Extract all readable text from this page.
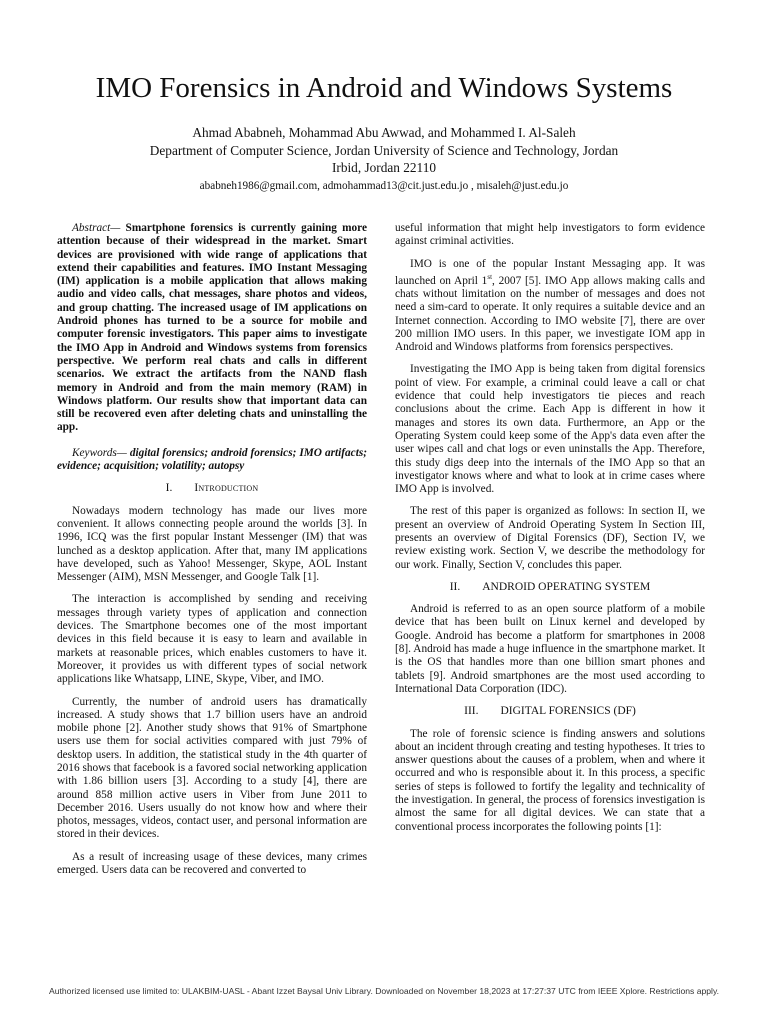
IMO Forensics in Android and Windows Systems
Ahmad Ababneh, Mohammad Abu Awwad, and Mohammed I. Al-Saleh
Department of Computer Science, Jordan University of Science and Technology, Jordan
Irbid, Jordan 22110
ababneh1986@gmail.com, admohammad13@cit.just.edu.jo , misaleh@just.edu.jo

Abstract— Smartphone forensics is currently gaining more attention because of their widespread in the market. Smart devices are provisioned with wide range of applications that extend their capabilities and features. IMO Instant Messaging (IM) application is a mobile application that allows making audio and video calls, chat messages, share photos and videos, and group chatting. The increased usage of IM applications on Android phones has turned to be a source for mobile and computer forensic investigators. This paper aims to investigate the IMO App in Android and Windows systems from forensics perspective. We perform real chats and calls in different scenarios. We extract the artifacts from the NAND flash memory in Android and from the main memory (RAM) in Windows platform. Our results show that important data can still be recovered even after deleting chats and uninstalling the app.

Keywords— digital forensics; android forensics; IMO artifacts; evidence; acquisition; volatility; autopsy

I. Introduction

Nowadays modern technology has made our lives more convenient. It allows connecting people around the worlds [3]. In 1996, ICQ was the first popular Instant Messenger (IM) that was lunched as a desktop application. After that, many IM applications have developed, such as Yahoo! Messenger, Skype, AOL Instant Messenger (AIM), MSN Messenger, and Google Talk [1].

The interaction is accomplished by sending and receiving messages through variety types of application and connection devices. The Smartphone becomes one of the most important devices in this field because it is easy to learn and available in markets at reasonable prices, which enables customers to have it. Moreover, it provides us with different types of social network applications like Whatsapp, LINE, Skype, Viber, and IMO.

Currently, the number of android users has dramatically increased. A study shows that 1.7 billion users have an android mobile phone [2]. Another study shows that 91% of Smartphone users use them for social activities compared with just 79% of desktop users. In addition, the statistical study in the 4th quarter of 2016 shows that facebook is a favored social networking application with 1.86 billion users [3]. According to a study [4], there are around 858 million active users in Viber from June 2011 to December 2016. Users usually do not know how and where their photos, messages, videos, contact user, and personal information are stored in their devices.

As a result of increasing usage of these devices, many crimes emerged. Users data can be recovered and converted to

useful information that might help investigators to form evidence against criminal activities.

IMO is one of the popular Instant Messaging app. It was launched on April 1st, 2007 [5]. IMO App allows making calls and chats without limitation on the number of messages and does not need a sim-card to operate. It only requires a suitable device and an Internet connection. According to IMO website [7], there are over 200 million IMO users. In this paper, we investigate IOM app in Android and Windows platforms from forensics perspectives.

Investigating the IMO App is being taken from digital forensics point of view. For example, a criminal could leave a call or chat evidence that could help investigators tie pieces and reach conclusions about the crime. Each App is different in how it manages and stores its own data. Furthermore, an App or the Operating System could keep some of the App's data even after the user wipes call and chat logs or even uninstalls the App. Therefore, this study digs deep into the internals of the IMO App so that an investigator knows where and what to look at in crime cases where IMO App is involved.

The rest of this paper is organized as follows: In section II, we present an overview of Android Operating System In Section III, presents an overview of Digital Forensics (DF), Section IV, we review existing work. Section V, we describe the methodology for our work. Finally, Section V, concludes this paper.

II. ANDROID OPERATING SYSTEM

Android is referred to as an open source platform of a mobile device that has been built on Linux kernel and developed by Google. Android has become a platform for smartphones in 2008 [8]. Android has made a huge influence in the smartphone market. It is the OS that handles more than one billion smart phones and tablets [9]. Android smartphones are the most used according to International Data Corporation (IDC).

III. DIGITAL FORENSICS (DF)

The role of forensic science is finding answers and solutions about an incident through creating and testing hypotheses. It tries to answer questions about the causes of a problem, when and where it occurred and who is responsible about it. In this process, a specific series of steps is followed to fortify the legality and technicality of the investigation. In general, the process of forensics investigation is almost the same for all digital devices. We can state that a conventional process incorporates the following points [1]:

Authorized licensed use limited to: ULAKBIM-UASL - Abant Izzet Baysal Univ Library. Downloaded on November 18,2023 at 17:27:37 UTC from IEEE Xplore. Restrictions apply.
